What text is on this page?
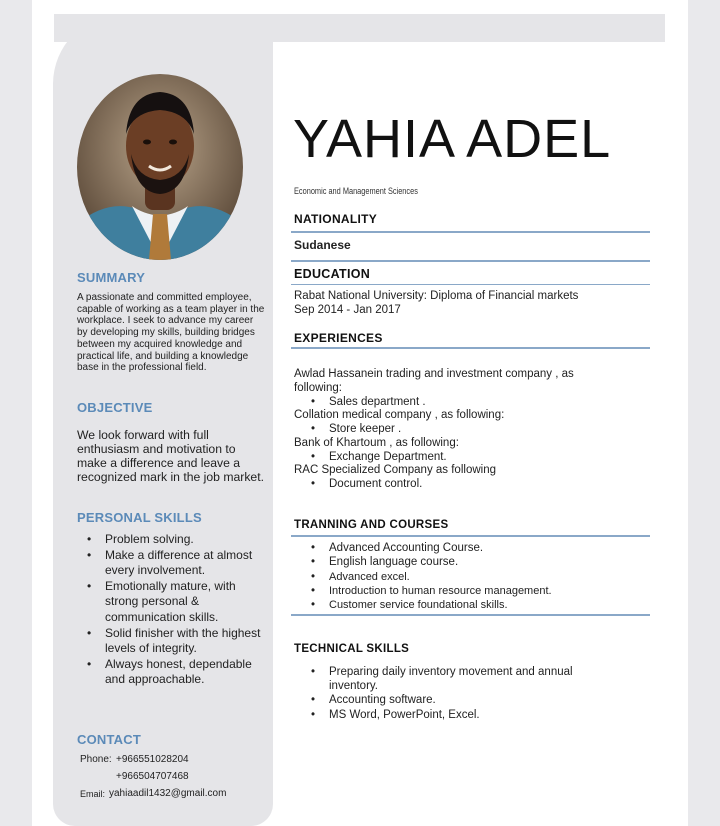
SUMMARY
A passionate and committed employee, capable of working as a team player in the workplace. I seek to advance my career by developing my skills, building bridges between my acquired knowledge and practical life, and building a knowledge base in the professional field.
OBJECTIVE
We look forward with full enthusiasm and motivation to make a difference and leave a recognized mark in the job market.
PERSONAL SKILLS
• Problem solving.
• Make a difference at almost every involvement.
• Emotionally mature, with strong personal & communication skills.
• Solid finisher with the highest levels of integrity.
• Always honest, dependable and approachable.
CONTACT
Phone: +966551028204
+966504707468
Email: yahiaadil1432@gmail.com
YAHIA ADEL
Economic and Management Sciences
NATIONALITY
Sudanese
EDUCATION
Rabat National University: Diploma of Financial markets
Sep 2014 - Jan 2017
EXPERIENCES
Awlad Hassanein trading and investment company , as
following:
• Sales department .
Collation medical company , as following:
• Store keeper .
Bank of Khartoum , as following:
• Exchange Department.
RAC Specialized Company as following
• Document control.
TRANNING AND COURSES
• Advanced Accounting Course.
• English language course.
• Advanced excel.
• Introduction to human resource management.
• Customer service foundational skills.
TECHNICAL SKILLS
• Preparing daily inventory movement and annual
inventory.
• Accounting software.
• MS Word, PowerPoint, Excel.
